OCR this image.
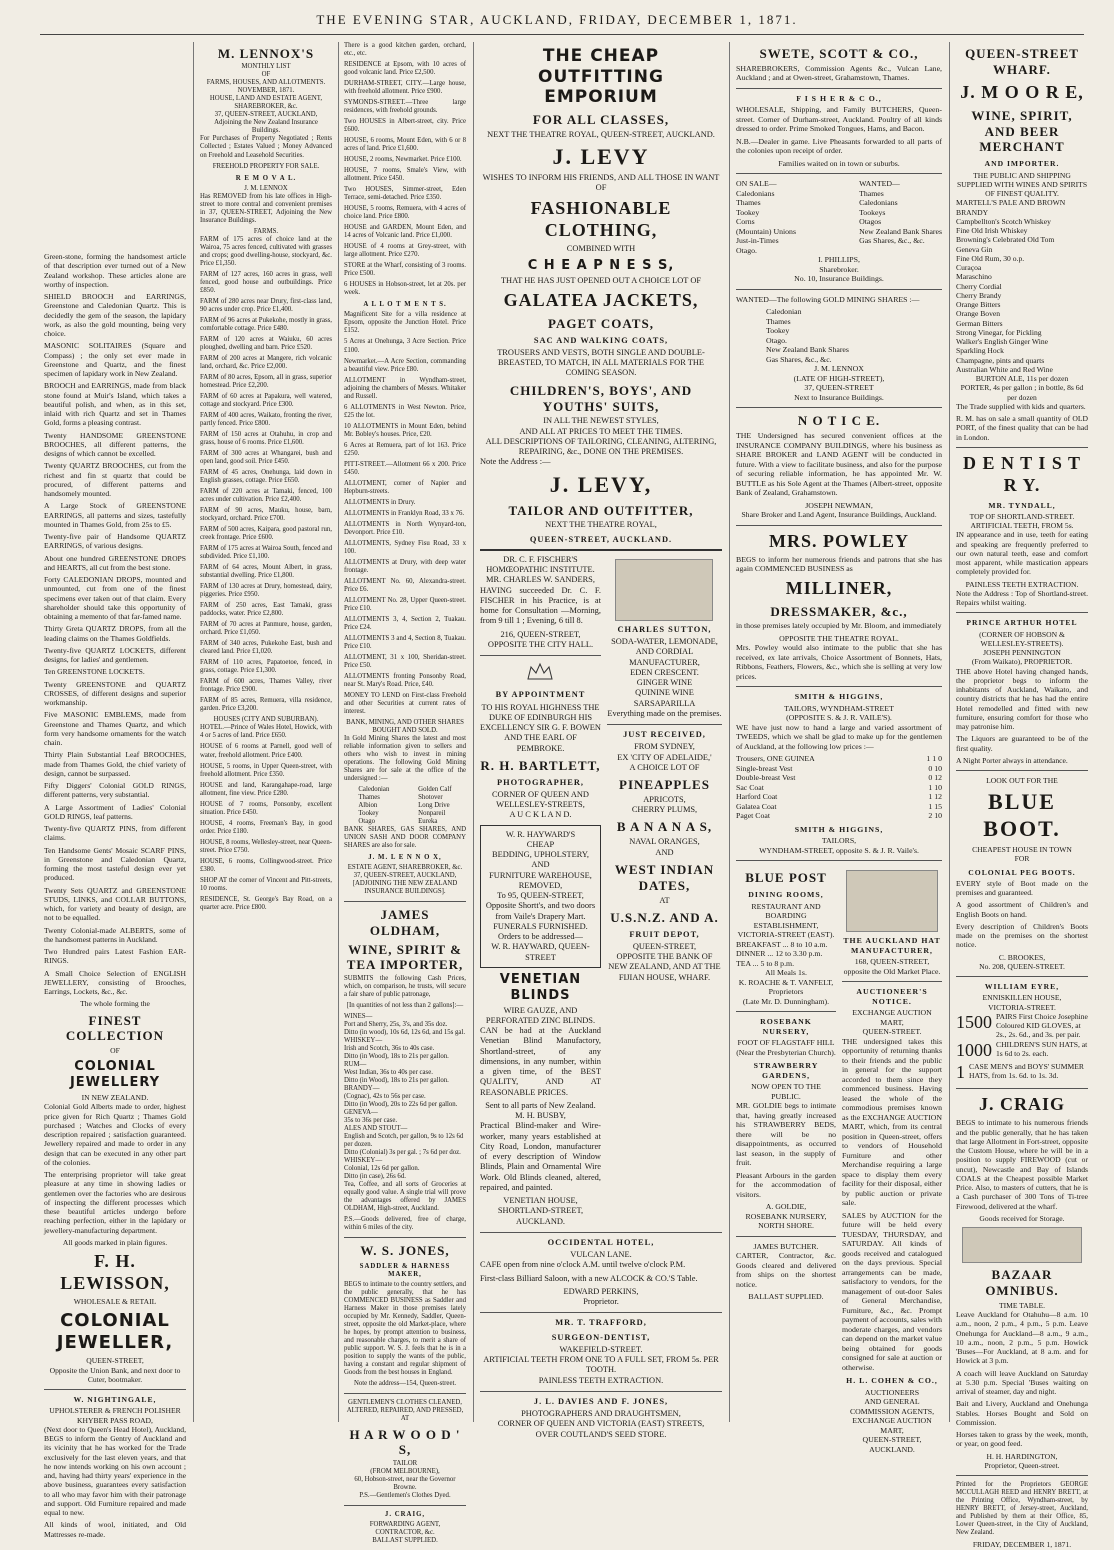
THE EVENING STAR, AUCKLAND, FRIDAY, DECEMBER 1, 1871.

Green-stone, forming the handsomest article of that description ever turned out of a New Zealand workshop. These articles alone are worthy of inspection.

SHIELD BROOCH and EARRINGS, Greenstone and Caledonian Quartz. This is decidedly the gem of the season, the lapidary work, as also the gold mounting, being very choice.

MASONIC SOLITAIRES (Square and Compass) ; the only set ever made in Greenstone and Quartz, and the finest specimen of lapidary work in New Zealand.

BROOCH and EARRINGS, made from black stone found at Muir's Island, which takes a beautiful polish, and when, as in this set, inlaid with rich Quartz and set in Thames Gold, forms a pleasing contrast.

Twenty HANDSOME GREENSTONE BROOCHES, all different patterns, the designs of which cannot be excelled.

Twenty QUARTZ BROOCHES, cut from the richest and fin st quartz that could be procured, of different patterns and handsomely mounted.

A Large Stock of GREENSTONE EARRINGS, all patterns and sizes, tastefully mounted in Thames Gold, from 25s to £5.

Twenty-five pair of Handsome QUARTZ EARRINGS, of various designs.

About one hundred GREENSTONE DROPS and HEARTS, all cut from the best stone.

Forty CALEDONIAN DROPS, mounted and unmounted, cut from one of the finest specimens ever taken out of that claim. Every shareholder should take this opportunity of obtaining a memento of that far-famed name.

Thirty Greta QUARTZ DROPS, from all the leading claims on the Thames Goldfields.

Twenty-five QUARTZ LOCKETS, different designs, for ladies' and gentlemen.

Ten GREENSTONE LOCKETS.

Twenty GREENSTONE and QUARTZ CROSSES, of different designs and superior workmanship.

Five MASONIC EMBLEMS, made from Greenstone and Thames Quartz, and which form very handsome ornaments for the watch chain.

Thirty Plain Substantial Leaf BROOCHES, made from Thames Gold, the chief variety of design, cannot be surpassed.

Fifty Diggers' Colonial GOLD RINGS, different patterns, very substantial.

A Large Assortment of Ladies' Colonial GOLD RINGS, leaf patterns.

Twenty-five QUARTZ PINS, from different claims.

Ten Handsome Gents' Mosaic SCARF PINS, in Greenstone and Caledonian Quartz, forming the most tasteful design ever yet produced.

Twenty Sets QUARTZ and GREENSTONE STUDS, LINKS, and COLLAR BUTTONS, which, for variety and beauty of design, are not to be equalled.

Twenty Colonial-made ALBERTS, some of the handsomest patterns in Auckland.

Two Hundred pairs Latest Fashion EAR-RINGS.

A Small Choice Selection of ENGLISH JEWELLERY, consisting of Brooches, Earrings, Lockets, &c., &c.

The whole forming the

FINEST COLLECTION
OF
COLONIAL JEWELLERY
IN NEW ZEALAND.

Colonial Gold Alberts made to order, highest price given for Rich Quartz ; Thames Gold purchased ; Watches and Clocks of every description repaired ; satisfaction guaranteed. Jewellery repaired and made to order in any design that can be executed in any other part of the colonies.

The enterprising proprietor will take great pleasure at any time in showing ladies or gentlemen over the factories who are desirous of inspecting the different processes which these beautiful articles undergo before reaching perfection, either in the lapidary or jewellery-manufacturing department.

All goods marked in plain figures.

F. H. LEWISSON,
WHOLESALE & RETAIL
COLONIAL JEWELLER,
QUEEN-STREET,

Opposite the Union Bank, and next door to Cuter, bootmaker.

W. NIGHTINGALE,
UPHOLSTERER & FRENCH POLISHER
KHYBER PASS ROAD,

(Next door to Queen's Head Hotel), Auckland, BEGS to inform the Gentry of Auckland and its vicinity that he has worked for the Trade exclusively for the last eleven years, and that he now intends working on his own account ; and, having had thirty years' experience in the above business, guarantees every satisfaction to all who may favor him with their patronage and support. Old Furniture repaired and made equal to new.

All kinds of wool, initiated, and Old Mattresses re-made.

M. LENNOX'S
MONTHLY LIST
OF
FARMS, HOUSES, AND ALLOTMENTS.
NOVEMBER, 1871.
HOUSE, LAND AND ESTATE AGENT, SHAREBROKER, &c.
37, QUEEN-STREET, AUCKLAND,
Adjoining the New Zealand Insurance Buildings.

For Purchases of Property Negotiated ; Rents Collected ; Estates Valued ; Money Advanced on Freehold and Leasehold Securities.

FREEHOLD PROPERTY FOR SALE.
R E M O V A L.
J. M. LENNOX

Has REMOVED from his late offices in High-street to more central and convenient premises in 37, QUEEN-STREET, Adjoining the New Insurance Buildings.

FARMS.

FARM of 175 acres of choice land at the Wairoa, 75 acres fenced, cultivated with grasses and crops; good dwelling-house, stockyard, &c. Price £1,350.

FARM of 127 acres, 160 acres in grass, well fenced, good house and outbuildings. Price £850.

FARM of 280 acres near Drury, first-class land, 90 acres under crop. Price £1,400.

FARM of 96 acres at Pukekohe, mostly in grass, comfortable cottage. Price £480.

FARM of 120 acres at Waiuku, 60 acres ploughed, dwelling and barn. Price £520.

FARM of 200 acres at Mangere, rich volcanic land, orchard, &c. Price £2,000.

FARM of 80 acres, Epsom, all in grass, superior homestead. Price £2,200.

FARM of 60 acres at Papakura, well watered, cottage and stockyard. Price £300.

FARM of 400 acres, Waikato, fronting the river, partly fenced. Price £800.

FARM of 150 acres at Otahuhu, in crop and grass, house of 6 rooms. Price £1,600.

FARM of 300 acres at Whangarei, bush and open land, good soil. Price £450.

FARM of 45 acres, Onehunga, laid down in English grasses, cottage. Price £650.

FARM of 220 acres at Tamaki, fenced, 100 acres under cultivation. Price £2,400.

FARM of 90 acres, Mauku, house, barn, stockyard, orchard. Price £700.

FARM of 500 acres, Kaipara, good pastoral run, creek frontage. Price £600.

FARM of 175 acres at Wairoa South, fenced and subdivided. Price £1,100.

FARM of 64 acres, Mount Albert, in grass, substantial dwelling. Price £1,800.

FARM of 130 acres at Drury, homestead, dairy, piggeries. Price £950.

FARM of 250 acres, East Tamaki, grass paddocks, water. Price £2,800.

FARM of 70 acres at Panmure, house, garden, orchard. Price £1,050.

FARM of 340 acres, Pukekohe East, bush and cleared land. Price £1,020.

FARM of 110 acres, Papatoetoe, fenced, in grass, cottage. Price £1,300.

FARM of 600 acres, Thames Valley, river frontage. Price £900.

FARM of 85 acres, Remuera, villa residence, garden. Price £3,200.

HOUSES (CITY AND SUBURBAN).

HOTEL.—Prince of Wales Hotel, Howick, with 4 or 5 acres of land. Price £650.

HOUSE of 6 rooms at Parnell, good well of water, freehold allotment. Price £400.

HOUSE, 5 rooms, in Upper Queen-street, with freehold allotment. Price £350.

HOUSE and land, Karangahape-road, large allotment, fine view. Price £280.

HOUSE of 7 rooms, Ponsonby, excellent situation. Price £450.

HOUSE, 4 rooms, Freeman's Bay, in good order. Price £180.

HOUSE, 8 rooms, Wellesley-street, near Queen-street. Price £750.

HOUSE, 6 rooms, Collingwood-street. Price £380.

SHOP AT the corner of Vincent and Pitt-streets, 10 rooms.

RESIDENCE, St. George's Bay Road, on a quarter acre. Price £800.

There is a good kitchen garden, orchard, etc., etc.

RESIDENCE at Epsom, with 10 acres of good volcanic land. Price £2,500.

DURHAM-STREET, CITY.—Large house, with freehold allotment. Price £900.

SYMONDS-STREET.—Three large residences, with freehold grounds.

Two HOUSES in Albert-street, city. Price £600.

HOUSE, 6 rooms, Mount Eden, with 6 or 8 acres of land. Price £1,600.

HOUSE, 2 rooms, Newmarket. Price £100.

HOUSE, 7 rooms, Smale's View, with allotment. Price £450.

Two HOUSES, Simmer-street, Eden Terrace, semi-detached. Price £350.

HOUSE, 5 rooms, Remuera, with 4 acres of choice land. Price £800.

HOUSE and GARDEN, Mount Eden, and 14 acres of Volcanic land. Price £1,000.

HOUSE of 4 rooms at Grey-street, with large allotment. Price £270.

STORE at the Wharf, consisting of 3 rooms. Price £500.

6 HOUSES in Hobson-street, let at 20s. per week.

A L L O T M E N T S.

Magnificent Site for a villa residence at Epsom, opposite the Junction Hotel. Price £152.

5 Acres at Onehunga, 3 Acre Section. Price £100.

Newmarket.—A Acre Section, commanding a beautiful view. Price £80.

ALLOTMENT in Wyndham-street, adjoining the chambers of Messrs. Whitaker and Russell.

6 ALLOTMENTS in West Newton. Price, £25 the lot.

10 ALLOTMENTS in Mount Eden, behind Mr. Bobley's houses. Price, £20.

6 Acres at Remuera, part of lot 163. Price £250.

PITT-STREET.—Allotment 66 x 200. Price £450.

ALLOTMENT, corner of Napier and Hepburn-streets.

ALLOTMENTS in Drury.

ALLOTMENTS in Franklyn Road, 33 x 76.

ALLOTMENTS in North Wynyard-ton, Devonport. Price £10.

ALLOTMENTS, Sydney Fisu Road, 33 x 100.

ALLOTMENTS at Drury, with deep water frontage.

ALLOTMENT No. 60, Alexandra-street. Price £6.

ALLOTMENT No. 28, Upper Queen-street. Price £10.

ALLOTMENTS 3, 4, Section 2, Tuakau. Price £24.

ALLOTMENTS 3 and 4, Section 8, Tuakau. Price £10.

ALLOTMENT, 31 x 100, Sheridan-street. Price £50.

ALLOTMENTS fronting Ponsonby Road, near St. Mary's Road. Price, £40.

MONEY TO LEND on First-class Freehold and other Securities at current rates of interest.

BANK, MINING, AND OTHER SHARES BOUGHT AND SOLD.

In Gold Mining Shares the latest and most reliable information given to sellers and others who wish to invest in mining operations. The following Gold Mining Shares are for sale at the office of the undersigned :—

Caledonian
Thames
Albion
Tookey
Otago
Golden Calf
Shotover
Long Drive
Nonpareil
Eureka

BANK SHARES, GAS SHARES, AND UNION SASH AND DOOR COMPANY SHARES are also for sale.

J. M. L E N N O X,
ESTATE AGENT, SHAREBROKER, &c.
37, QUEEN-STREET, AUCKLAND,
[ADJOINING THE NEW ZEALAND INSURANCE BUILDINGS].
JAMES OLDHAM,
WINE, SPIRIT & TEA IMPORTER,

SUBMITS the following Cash Prices, which, on comparison, he trusts, will secure a fair share of public patronage,

[In quantities of not less than 2 gallons]:—

WINES—
Port and Sherry, 25s, 3's, and 35s doz.
Ditto (in wood), 10s 6d, 12s 6d, and 15s gal.
WHISKEY—
Irish and Scotch, 36s to 40s case.
Ditto (in Wood), 18s to 21s per gallon.
RUM—
West Indian, 36s to 40s per case.
Ditto (in Wood), 18s to 21s per gallon.
BRANDY—
(Cognac), 42s to 56s per case.
Ditto (in Wood), 20s to 22s 6d per gallon.
GENEVA—
35s to 36s per case.
ALES AND STOUT—
English and Scotch, per gallon, 9s to 12s 6d per dozen.
Ditto (Colonial) 3s per gal. ; 7s 6d per doz.
WHISKEY—
Colonial, 12s 6d per gallon.
Ditto (in case), 26s 6d.

Tea, Coffee, and all sorts of Groceries at equally good value. A single trial will prove the advantages offered by JAMES OLDHAM, High-street, Auckland.

P.S.—Goods delivered, free of charge, within 6 miles of the city.

W. S. JONES,
SADDLER & HARNESS MAKER,

BEGS to intimate to the country settlers, and the public generally, that he has COMMENCED BUSINESS as Saddler and Harness Maker in those premises lately occupied by Mr. Kennedy, Saddler, Queen-street, opposite the old Market-place, where he hopes, by prompt attention to business, and reasonable charges, to merit a share of public support. W. S. J. feels that he is in a position to supply the wants of the public, having a constant and regular shipment of Goods from the best houses in England.

Note the address—154, Queen-street.

GENTLEMEN'S CLOTHES CLEANED, ALTERED, REPAIRED, AND PRESSED, AT
H A R W O O D ' S,
TAILOR
(FROM MELBOURNE),
60, Hobson-street, near the Governor Browne.
P.S.—Gentlemen's Clothes Dyed.
J. CRAIG,
FORWARDING AGENT,
CONTRACTOR, &c.
BALLAST SUPPLIED.
THE CHEAP OUTFITTING EMPORIUM
FOR ALL CLASSES,
NEXT THE THEATRE ROYAL, QUEEN-STREET, AUCKLAND.
J. LEVY
WISHES TO INFORM HIS FRIENDS, AND ALL THOSE IN WANT OF
FASHIONABLE CLOTHING,
COMBINED WITH
C H E A P N E S S,
THAT HE HAS JUST OPENED OUT A CHOICE LOT OF
GALATEA JACKETS,
PAGET COATS,
SAC AND WALKING COATS,
TROUSERS AND VESTS, BOTH SINGLE AND DOUBLE-BREASTED, TO MATCH, IN ALL MATERIALS FOR THE COMING SEASON.
CHILDREN'S, BOYS', AND YOUTHS' SUITS,
IN ALL THE NEWEST STYLES,
AND ALL AT PRICES TO MEET THE TIMES.
ALL DESCRIPTIONS OF TAILORING, CLEANING, ALTERING, REPAIRING, &c., DONE ON THE PREMISES.

Note the Address :—

J. LEVY,
TAILOR AND OUTFITTER,
NEXT THE THEATRE ROYAL,
QUEEN-STREET, AUCKLAND.
DR. C. F. FISCHER'S HOMŒOPATHIC INSTITUTE.
MR. CHARLES W. SANDERS,

HAVING succeeded Dr. C. F. FISCHER in his Practice, is at home for Consultation —Morning, from 9 till 1 ; Evening, 6 till 8.

216, QUEEN-STREET,
OPPOSITE THE CITY HALL.
BY APPOINTMENT
TO HIS ROYAL HIGHNESS THE DUKE OF EDINBURGH HIS EXCELLENCY SIR G. F. BOWEN AND THE EARL OF PEMBROKE.
R. H. BARTLETT,
PHOTOGRAPHER,
CORNER OF QUEEN AND WELLESLEY-STREETS,
A U C K L A N D.
W. R. HAYWARD'S
CHEAP
BEDDING, UPHOLSTERY,
AND
FURNITURE WAREHOUSE,
REMOVED,
To 95, QUEEN-STREET,
Opposite Shortt's, and two doors from Vaile's Drapery Mart.
FUNERALS FURNISHED.
Orders to be addressed—
W. R. HAYWARD, QUEEN-STREET
VENETIAN BLINDS
WIRE GAUZE, AND PERFORATED ZINC BLINDS.

CAN be had at the Auckland Venetian Blind Manufactory, Shortland-street, of any dimensions, in any number, within a given time, of the BEST QUALITY, AND AT REASONABLE PRICES.

Sent to all parts of New Zealand.
M. H. BUSBY,

Practical Blind-maker and Wire-worker, many years established at City Road, London, manufacturer of every description of Window Blinds, Plain and Ornamental Wire Work. Old Blinds cleaned, altered, repaired, and painted.

VENETIAN HOUSE,
SHORTLAND-STREET, AUCKLAND.
CHARLES SUTTON,
SODA-WATER, LEMONADE,
AND CORDIAL MANUFACTURER,
EDEN CRESCENT.
GINGER WINE
QUININE WINE
SARSAPARILLA
Everything made on the premises.
JUST RECEIVED,
FROM SYDNEY,
EX 'CITY OF ADELAIDE,'
A CHOICE LOT OF
PINEAPPLES
APRICOTS,
CHERRY PLUMS,
B A N A N A S,
NAVAL ORANGES,
AND
WEST INDIAN DATES,
AT
U.S.N.Z. AND A.
FRUIT DEPOT,
QUEEN-STREET,
OPPOSITE THE BANK OF NEW ZEALAND, AND AT THE FIJIAN HOUSE, WHARF.
OCCIDENTAL HOTEL,
VULCAN LANE.

CAFE open from nine o'clock A.M. until twelve o'clock P.M.

First-class Billiard Saloon, with a new ALCOCK & CO.'S Table.

EDWARD PERKINS,
Proprietor.
MR. T. TRAFFORD,
SURGEON-DENTIST,
WAKEFIELD-STREET.
ARTIFICIAL TEETH FROM ONE TO A FULL SET, FROM 5s. PER TOOTH.
PAINLESS TEETH EXTRACTION.
J. L. DAVIES AND F. JONES,
PHOTOGRAPHERS AND DRAUGHTSMEN,
CORNER OF QUEEN AND VICTORIA (EAST) STREETS,
OVER COUTLAND'S SEED STORE.
SWETE, SCOTT & CO.,

SHAREBROKERS, Commission Agents &c., Vulcan Lane, Auckland ; and at Owen-street, Grahamstown, Thames.

F I S H E R & C O.,

WHOLESALE, Shipping, and Family BUTCHERS, Queen-street. Corner of Durham-street, Auckland. Poultry of all kinds dressed to order. Prime Smoked Tongues, Hams, and Bacon.

N.B.—Dealer in game. Live Pheasants forwarded to all parts of the colonies upon receipt of order.

Families waited on in town or suburbs.

ON SALE—
Caledonians
Thames
Tookey
Corns
(Mountain) Unions
Just-in-Times
Otago.
WANTED—
Thames
Caledonians
Tookeys
Otagos
New Zealand Bank Shares
Gas Shares, &c., &c.
I. PHILLIPS,
Sharebroker.
No. 10, Insurance Buildings.

WANTED—The following GOLD MINING SHARES :—

Caledonian
Thames
Tookey
Otago.
New Zealand Bank Shares
Gas Shares, &c., &c.
J. M. LENNOX
(LATE OF HIGH-STREET),
37, QUEEN-STREET
Next to Insurance Buildings.
N O T I C E.

THE Undersigned has secured convenient offices at the INSURANCE COMPANY BUILDINGS, where his business as SHARE BROKER and LAND AGENT will be conducted in future. With a view to facilitate business, and also for the purpose of securing reliable information, he has appointed Mr. W. BUTTLE as his Sole Agent at the Thames (Albert-street, opposite Bank of Zealand, Grahamstown.

JOSEPH NEWMAN,
Share Broker and Land Agent, Insurance Buildings, Auckland.
MRS. POWLEY

BEGS to inform her numerous friends and patrons that she has again COMMENCED BUSINESS as

MILLINER,
DRESSMAKER, &c.,

in those premises lately occupied by Mr. Bloom, and immediately

OPPOSITE THE THEATRE ROYAL.

Mrs. Powley would also intimate to the public that she has received, ex late arrivals, Choice Assortment of Bonnets, Hats, Ribbons, Feathers, Flowers, &c., which she is selling at very low prices.

SMITH & HIGGINS,
TAILORS, WYNDHAM-STREET
(OPPOSITE S. & J. R. VAILE'S).

WE have just now to hand a large and varied assortment of TWEEDS, which we shall be glad to make up for the gentlemen of Auckland, at the following low prices :—

Trousers, ONE GUINEA	1 1 0
Single-breast Vest	0 10
Double-breast Vest	0 12
Sac Coat	1 10
Harford Coat	1 12
Galatea Coat	1 15
Paget Coat	2 10
SMITH & HIGGINS,
TAILORS,
WYNDHAM-STREET, opposite S. & J. R. Vaile's.
BLUE POST
DINING ROOMS,
RESTAURANT AND BOARDING
ESTABLISHMENT,
VICTORIA-STREET (EAST).
BREAKFAST ... 8 to 10 a.m.
DINNER ... 12 to 3.30 p.m.
TEA ... 5 to 8 p.m.
All Meals 1s.
K. ROACHE & T. VANFELT, Proprietors
(Late Mr. D. Dunningham).
ROSEBANK NURSERY,
FOOT OF FLAGSTAFF HILL
(Near the Presbyterian Church).
STRAWBERRY GARDENS,
NOW OPEN TO THE PUBLIC.

MR. GOLDIE begs to intimate that, having greatly increased his STRAWBERRY BEDS, there will be no disappointments, as occurred last season, in the supply of fruit.

Pleasant Arbours in the garden for the accommodation of visitors.

A. GOLDIE,
ROSEBANK NURSERY,
NORTH SHORE.
JAMES BUTCHER.

CARTER, Contractor, &c. Goods cleared and delivered from ships on the shortest notice.

BALLAST SUPPLIED.
THE AUCKLAND HAT MANUFACTURER,
168, QUEEN-STREET, opposite the Old Market Place.
AUCTIONEER'S NOTICE.
EXCHANGE AUCTION MART,
QUEEN-STREET.

THE undersigned takes this opportunity of returning thanks to their friends and the public in general for the support accorded to them since they commenced business. Having leased the whole of the commodious premises known as the EXCHANGE AUCTION MART, which, from its central position in Queen-street, offers to vendors of Household Furniture and other Merchandise requiring a large space to display them every facility for their disposal, either by public auction or private sale.

SALES by AUCTION for the future will be held every TUESDAY, THURSDAY, and SATURDAY. All kinds of goods received and catalogued on the days previous. Special arrangements can be made, satisfactory to vendors, for the management of out-door Sales of General Merchandise, Furniture, &c., &c. Prompt payment of accounts, sales with moderate charges, and vendors can depend on the market value being obtained for goods consigned for sale at auction or otherwise.

H. L. COHEN & CO.,
AUCTIONEERS
AND GENERAL COMMISSION AGENTS,
EXCHANGE AUCTION MART,
QUEEN-STREET, AUCKLAND.
QUEEN-STREET WHARF.
J. M O O R E,
WINE, SPIRIT, AND BEER MERCHANT
AND IMPORTER.
THE PUBLIC AND SHIPPING SUPPLIED WITH WINES AND SPIRITS OF FINEST QUALITY.
MARTELL'S PALE AND BROWN BRANDY
Campbellton's Scotch Whiskey
Fine Old Irish Whiskey
Browning's Celebrated Old Tom
Geneva Gin
Fine Old Rum, 30 o.p.
Curaçoa
Maraschino
Cherry Cordial
Cherry Brandy
Orange Bitters
Orange Boven
German Bitters
Strong Vinegar, for Pickling
Walker's English Ginger Wine
Sparkling Hock
Champagne, pints and quarts
Australian White and Red Wine
BURTON ALE, 11s per dozen
PORTER, 4s per gallon ; in bottle, 8s 6d per dozen

The Trade supplied with kids and quarters.

R. M. has on sale a small quantity of OLD PORT, of the finest quality that can be had in London.

D E N T I S T R Y.
MR. TYNDALL,
TOP OF SHORTLAND-STREET.
ARTIFICIAL TEETH, FROM 5s.

IN appearance and in use, teeth for eating and speaking are frequently preferred to our own natural teeth, ease and comfort most apparent, while mastication appears completely provided for.

PAINLESS TEETH EXTRACTION.

Note the Address : Top of Shortland-street. Repairs whilst waiting.

PRINCE ARTHUR HOTEL
(CORNER OF HOBSON & WELLESLEY-STREETS).
JOSEPH PENNINGTON
(From Waikato), PROPRIETOR.

THE above Hotel having changed hands, the proprietor begs to inform the inhabitants of Auckland, Waikato, and country districts that he has had the entire Hotel remodelled and fitted with new furniture, ensuring comfort for those who may patronise him.

The Liquors are guaranteed to be of the first quality.

A Night Porter always in attendance.

LOOK OUT FOR THE
BLUE BOOT.
CHEAPEST HOUSE IN TOWN
FOR
COLONIAL PEG BOOTS.

EVERY style of Boot made on the premises and guaranteed.

A good assortment of Children's and English Boots on hand.

Every description of Children's Boots made on the premises on the shortest notice.

C. BROOKES,
No. 208, QUEEN-STREET.
WILLIAM EYRE,
ENNISKILLEN HOUSE,
VICTORIA-STREET.
1500 PAIRS First Choice Josephine Coloured KID GLOVES, at 2s., 2s. 6d., and 3s. per pair.
1000 CHILDREN'S SUN HATS, at 1s 6d to 2s. each.
1 CASE MEN'S and BOYS' SUMMER HATS, from 1s. 6d. to 1s. 3d.
J. CRAIG

BEGS to intimate to his numerous friends and the public generally, that he has taken that large Allotment in Fort-street, opposite the Custom House, where he will be in a position to supply FIREWOOD (cut or uncut), Newcastle and Bay of Islands COALS at the Cheapest possible Market Price. Also, to masters of cutters, that he is a Cash purchaser of 300 Tons of Ti-tree Firewood, delivered at the wharf.

Goods received for Storage.

BAZAAR OMNIBUS.
TIME TABLE.

Leave Auckland for Otahuhu—8 a.m. 10 a.m., noon, 2 p.m., 4 p.m., 5 p.m. Leave Onehunga for Auckland—8 a.m., 9 a.m., 10 a.m., noon, 2 p.m., 5 p.m. Howick 'Buses—For Auckland, at 8 a.m. and for Howick at 3 p.m.

A coach will leave Auckland on Saturday at 5.30 p.m. Special 'Buses waiting on arrival of steamer, day and night.

Bait and Livery, Auckland and Onehunga Stables. Horses Bought and Sold on Commission.

Horses taken to grass by the week, month, or year, on good feed.

H. H. HARDINGTON,
Proprietor, Queen-street.

Printed for the Proprietors GEORGE MCCULLAGH REED and HENRY BRETT, at the Printing Office, Wyndham-street, by HENRY BRETT, of Jersey-street, Auckland, and Published by them at their Office, 85, Lower Queen-street, in the City of Auckland, New Zealand.

FRIDAY, DECEMBER 1, 1871.
